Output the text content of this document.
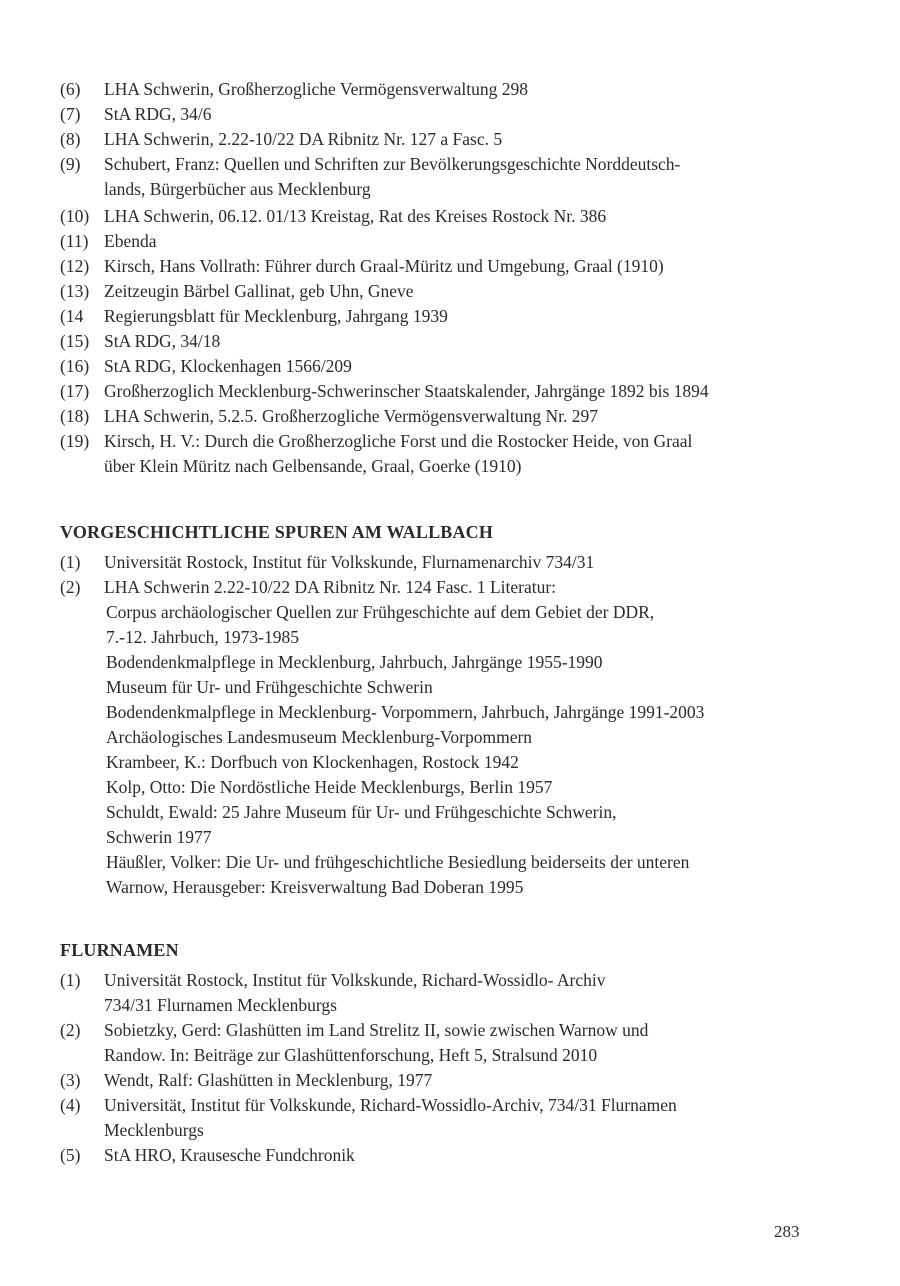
(6)	LHA Schwerin, Großherzogliche Vermögensverwaltung 298
(7)	StA RDG, 34/6
(8)	LHA Schwerin, 2.22-10/22 DA Ribnitz Nr. 127 a Fasc. 5
(9)	Schubert, Franz: Quellen und Schriften zur Bevölkerungsgeschichte Norddeutsch-
lands, Bürgerbücher aus Mecklenburg
(10) LHA Schwerin, 06.12. 01/13 Kreistag, Rat des Kreises Rostock Nr. 386
(11) Ebenda
(12) Kirsch, Hans Vollrath: Führer durch Graal-Müritz und Umgebung, Graal (1910)
(13) Zeitzeugin Bärbel Gallinat, geb Uhn, Gneve
(14	Regierungsblatt für Mecklenburg, Jahrgang 1939
(15) StA RDG, 34/18
(16) StA RDG, Klockenhagen 1566/209
(17) Großherzoglich Mecklenburg-Schwerinscher Staatskalender, Jahrgänge 1892 bis 1894
(18) LHA Schwerin, 5.2.5. Großherzogliche Vermögensverwaltung Nr. 297
(19) Kirsch, H. V.: Durch die Großherzogliche Forst und die Rostocker Heide, von Graal
über Klein Müritz nach Gelbensande, Graal, Goerke (1910)
VORGESCHICHTLICHE SPUREN AM WALLBACH
(1)	Universität Rostock, Institut für Volkskunde, Flurnamenarchiv 734/31
(2)	LHA Schwerin 2.22-10/22 DA Ribnitz Nr. 124 Fasc. 1 Literatur:
Corpus archäologischer Quellen zur Frühgeschichte auf dem Gebiet der DDR,
7.-12. Jahrbuch, 1973-1985
Bodendenkmalpflege in Mecklenburg, Jahrbuch, Jahrgänge 1955-1990
Museum für Ur- und Frühgeschichte Schwerin
Bodendenkmalpflege in Mecklenburg- Vorpommern, Jahrbuch, Jahrgänge 1991-2003
Archäologisches Landesmuseum Mecklenburg-Vorpommern
Krambeer, K.: Dorfbuch von Klockenhagen, Rostock 1942
Kolp, Otto: Die Nordöstliche Heide Mecklenburgs, Berlin 1957
Schuldt, Ewald: 25 Jahre Museum für Ur- und Frühgeschichte Schwerin,
Schwerin 1977
Häußler, Volker: Die Ur- und frühgeschichtliche Besiedlung beiderseits der unteren
Warnow, Herausgeber: Kreisverwaltung Bad Doberan 1995
FLURNAMEN
(1)	Universität Rostock, Institut für Volkskunde, Richard-Wossidlo- Archiv
734/31 Flurnamen Mecklenburgs
(2)	Sobietzky, Gerd: Glashütten im Land Strelitz II, sowie zwischen Warnow und
Randow. In: Beiträge zur Glashüttenforschung, Heft 5, Stralsund 2010
(3)	Wendt, Ralf: Glashütten in Mecklenburg, 1977
(4)	Universität, Institut für Volkskunde, Richard-Wossidlo-Archiv, 734/31 Flurnamen
Mecklenburgs
(5)	StA HRO, Krausesche Fundchronik
283
